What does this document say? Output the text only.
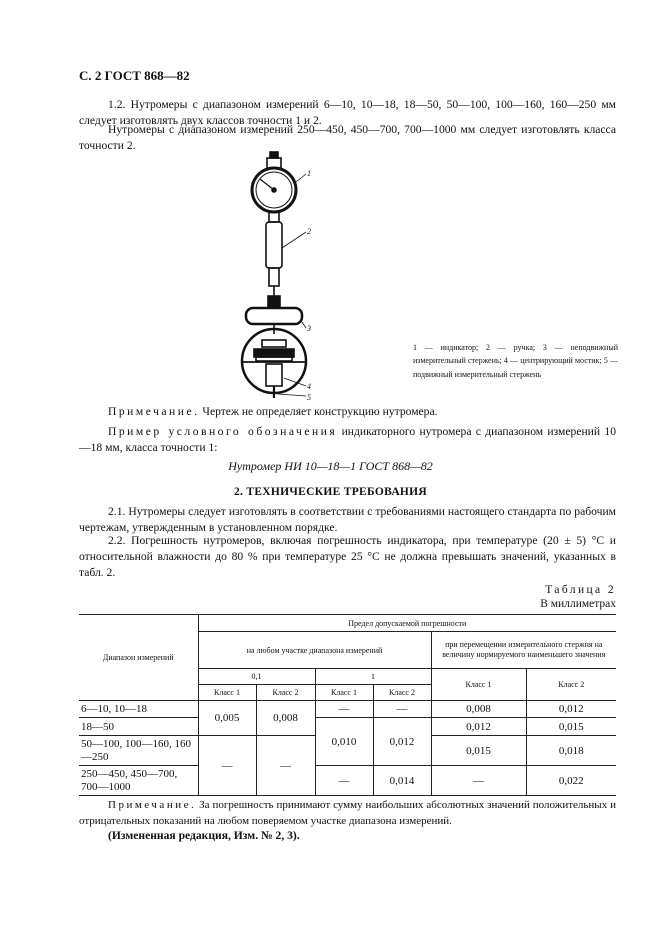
С. 2 ГОСТ 868—82
1.2. Нутромеры с диапазоном измерений 6—10, 10—18, 18—50, 50—100, 100—160, 160—250 мм следует изготовлять двух классов точности 1 и 2.
Нутромеры с диапазоном измерений 250—450, 450—700, 700—1000 мм следует изготовлять класса точности 2.
1
2
3
4
5
1 — индикатор; 2 — ручка; 3 — неподвижный измерительный стержень; 4 — центрирующий мостик; 5 — подвижный измерительный стержень
Примечание. Чертеж не определяет конструкцию нутромера.
Пример условного обозначения индикаторного нутромера с диапазоном измерений 10—18 мм, класса точности 1:
Нутромер НИ 10—18—1 ГОСТ 868—82
2. ТЕХНИЧЕСКИЕ ТРЕБОВАНИЯ
2.1. Нутромеры следует изготовлять в соответствии с требованиями настоящего стандарта по рабочим чертежам, утвержденным в установленном порядке.
2.2. Погрешность нутромеров, включая погрешность индикатора, при температуре (20 ± 5) °С и относительной влажности до 80 % при температуре 25 °С не должна превышать значений, указанных в табл. 2.
Таблица 2
В миллиметрах
Диапазон измерений	Предел допускаемой погрешности					
	на любом участке диапазона измерений				при перемещении измерительного стержня на величину нормируемого наименьшего значения	
	0,1		1		Класс 1	Класс 2
	Класс 1	Класс 2	Класс 1	Класс 2		
6—10, 10—18	0,005	0,008	—	—	0,008	0,012
18—50			0,010	0,012	0,012	0,015
50—100, 100—160, 160—250	—	—			0,015	0,018

250—450, 450—700, 700—1000			—	0,014	—	0,022
Примечание. За погрешность принимают сумму наибольших абсолютных значений положительных и отрицательных показаний на любом поверяемом участке диапазона измерений.
(Измененная редакция, Изм. № 2, 3).
